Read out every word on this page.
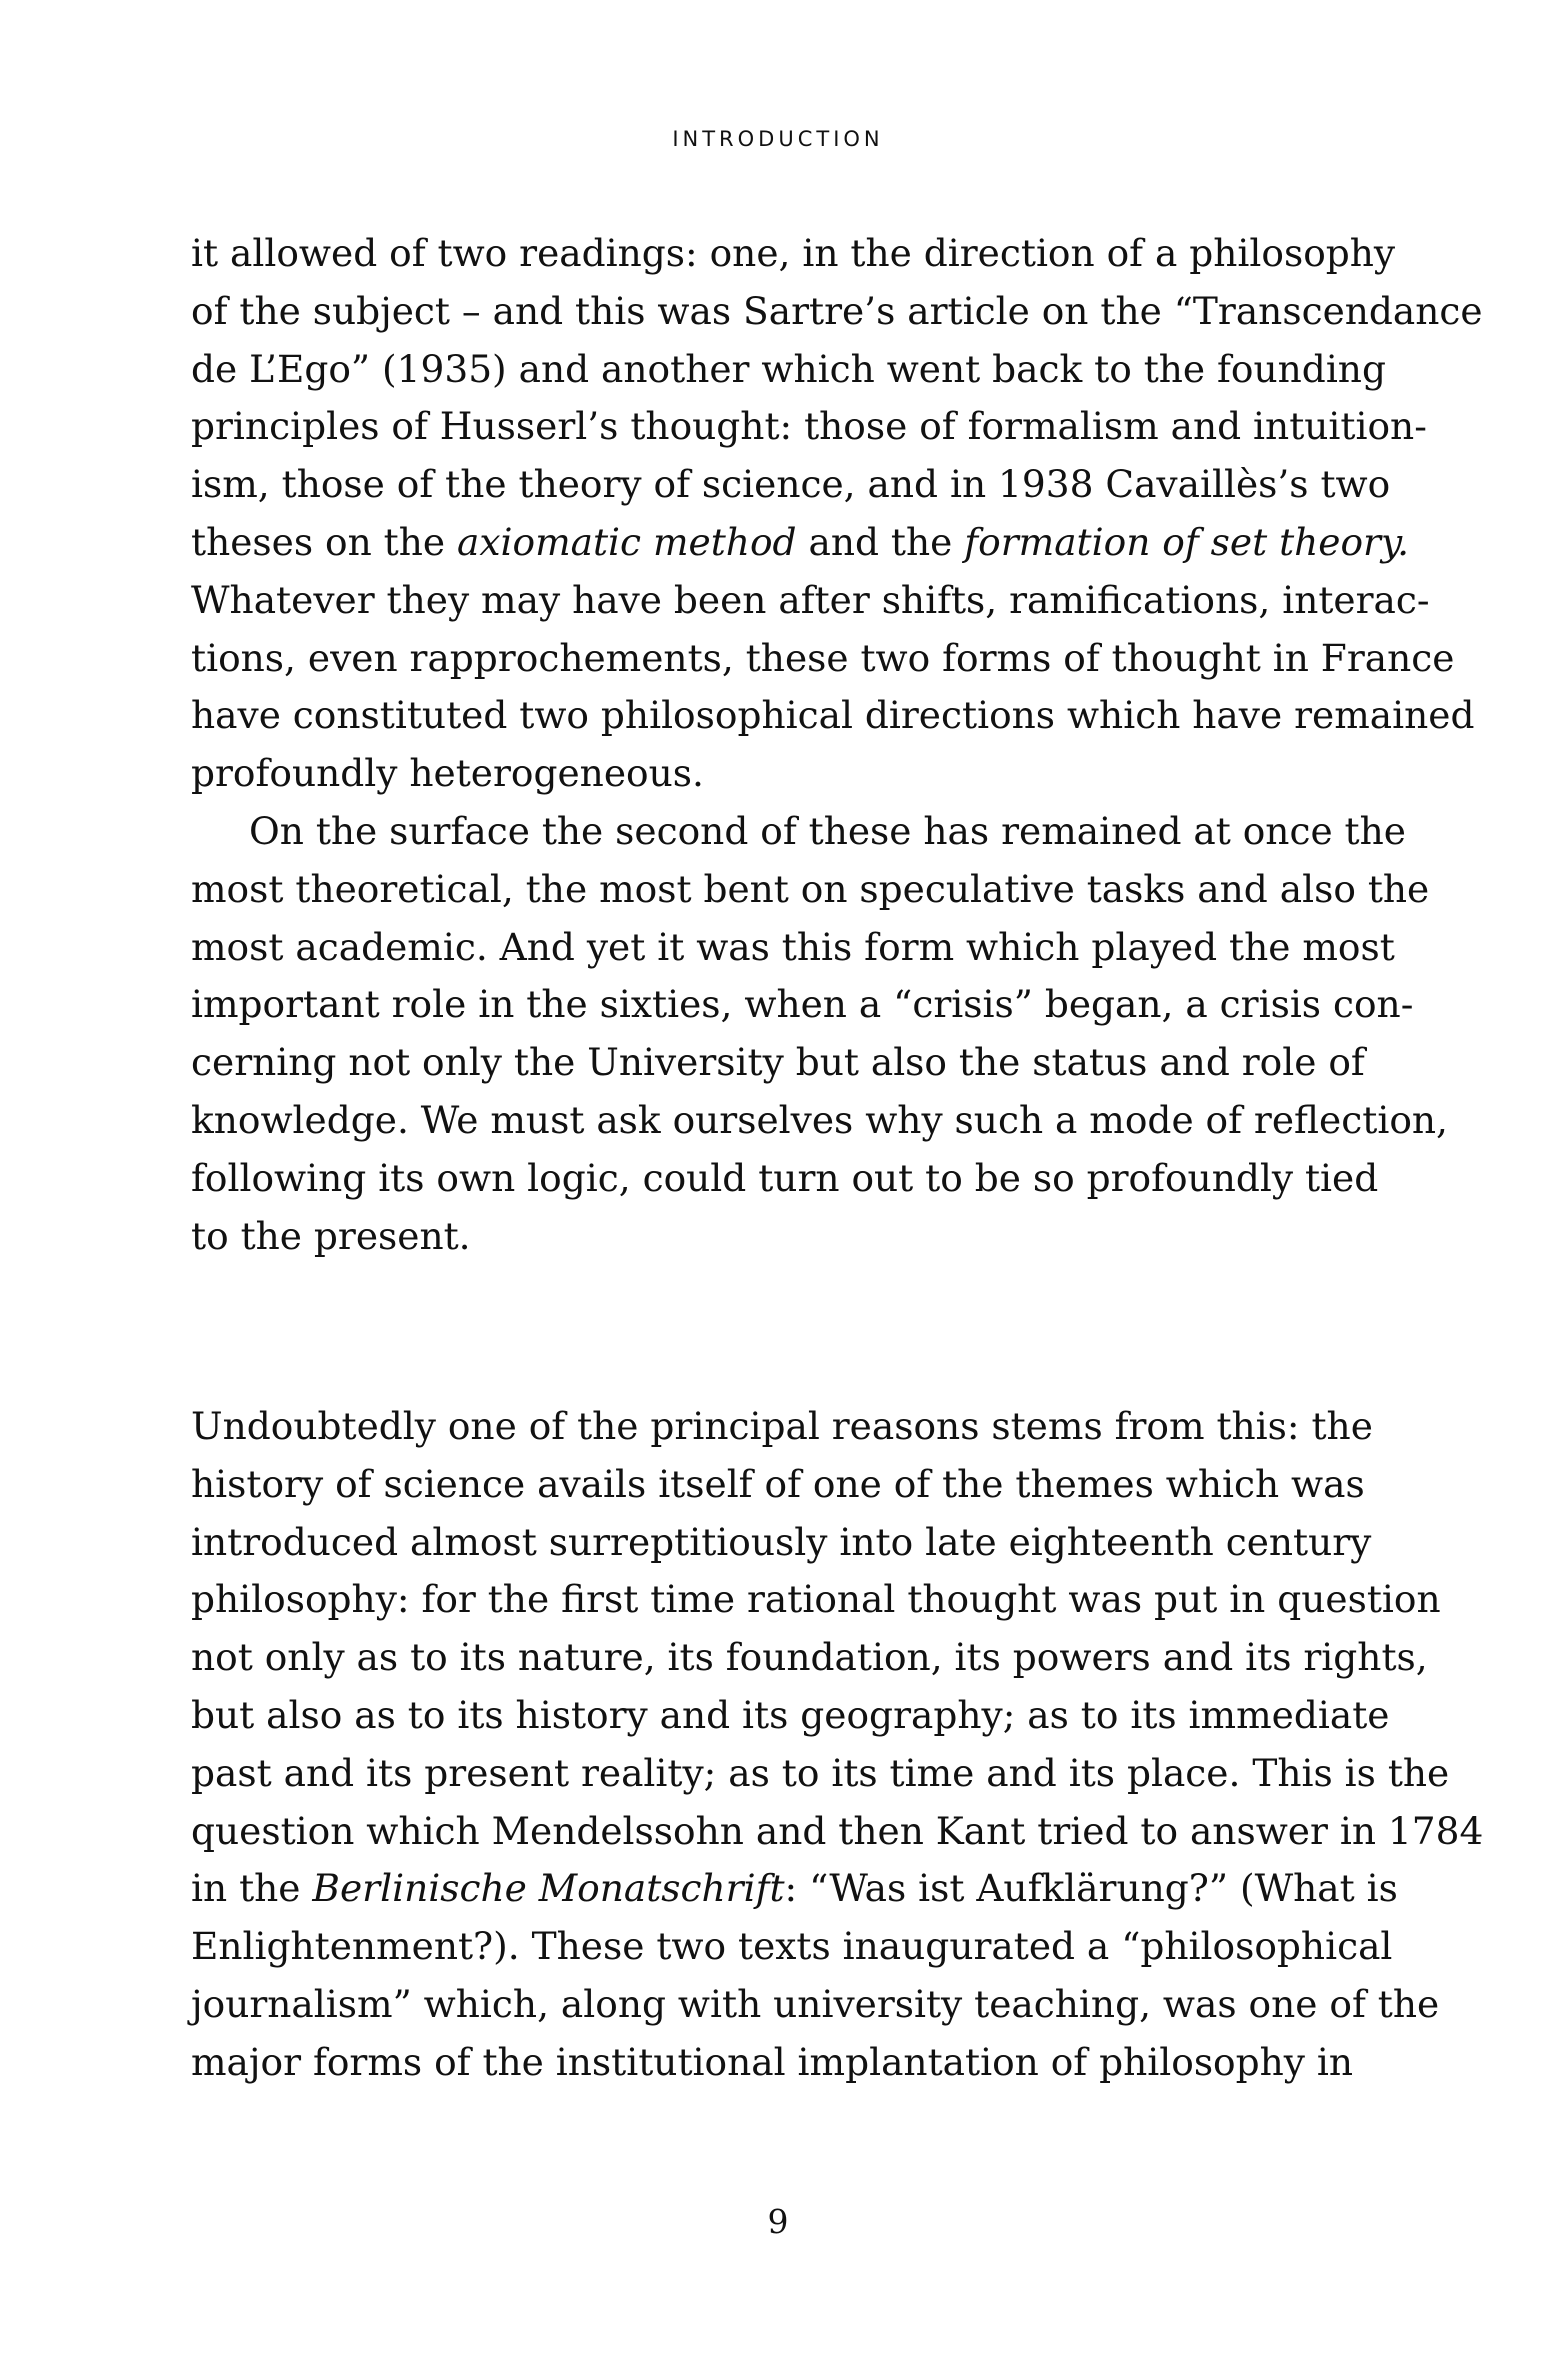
INTRODUCTION
it allowed of two readings: one, in the direction of a philosophy
of the subject – and this was Sartre’s article on the “Transcendance
de L’Ego” (1935) and another which went back to the founding
principles of Husserl’s thought: those of formalism and intuition-
ism, those of the theory of science, and in 1938 Cavaillès’s two
theses on the axiomatic method and the formation of set theory.
Whatever they may have been after shifts, ramifications, interac-
tions, even rapprochements, these two forms of thought in France
have constituted two philosophical directions which have remained
profoundly heterogeneous.
On the surface the second of these has remained at once the
most theoretical, the most bent on speculative tasks and also the
most academic. And yet it was this form which played the most
important role in the sixties, when a “crisis” began, a crisis con-
cerning not only the University but also the status and role of
knowledge. We must ask ourselves why such a mode of reflection,
following its own logic, could turn out to be so profoundly tied
to the present.
Undoubtedly one of the principal reasons stems from this: the
history of science avails itself of one of the themes which was
introduced almost surreptitiously into late eighteenth century
philosophy: for the first time rational thought was put in question
not only as to its nature, its foundation, its powers and its rights,
but also as to its history and its geography; as to its immediate
past and its present reality; as to its time and its place. This is the
question which Mendelssohn and then Kant tried to answer in 1784
in the Berlinische Monatschrift: “Was ist Aufklärung?” (What is
Enlightenment?). These two texts inaugurated a “philosophical
journalism” which, along with university teaching, was one of the
major forms of the institutional implantation of philosophy in
9
